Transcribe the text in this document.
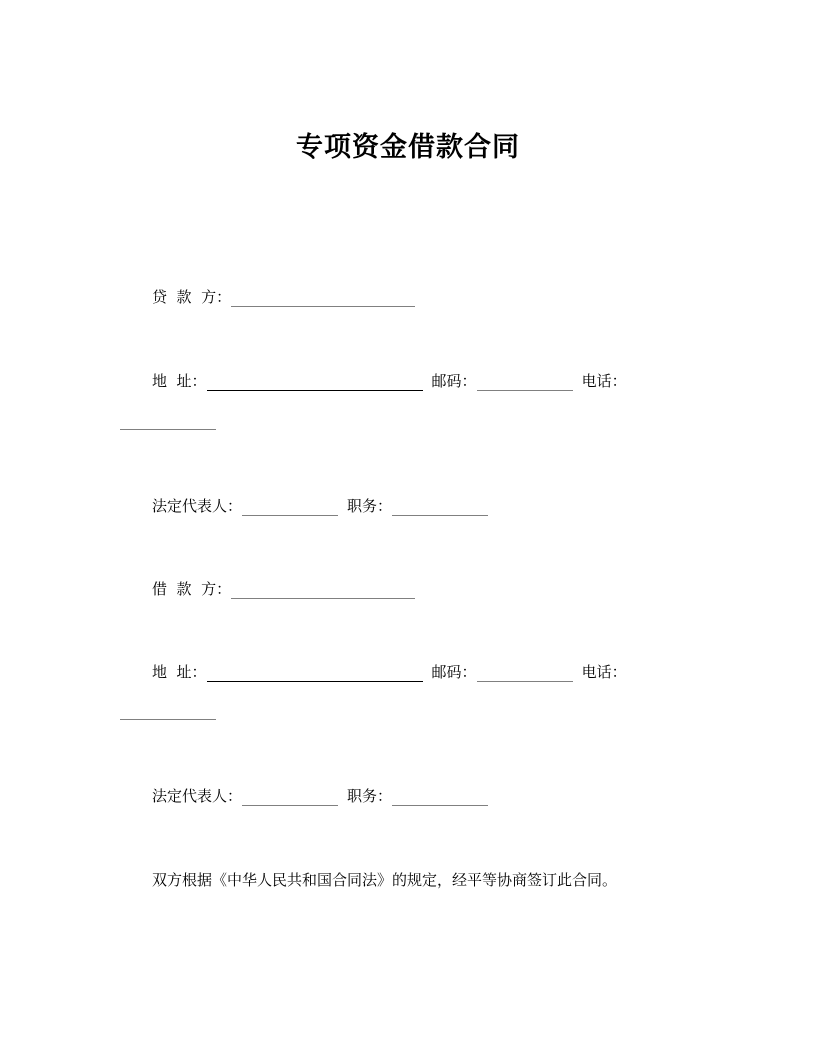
专项资金借款合同
贷  款  方：
地  址：	邮码：	电话：
法定代表人：	职务：
借  款  方：
地  址：	邮码：	电话：
法定代表人：	职务：
双方根据《中华人民共和国合同法》的规定，经平等协商签订此合同。
